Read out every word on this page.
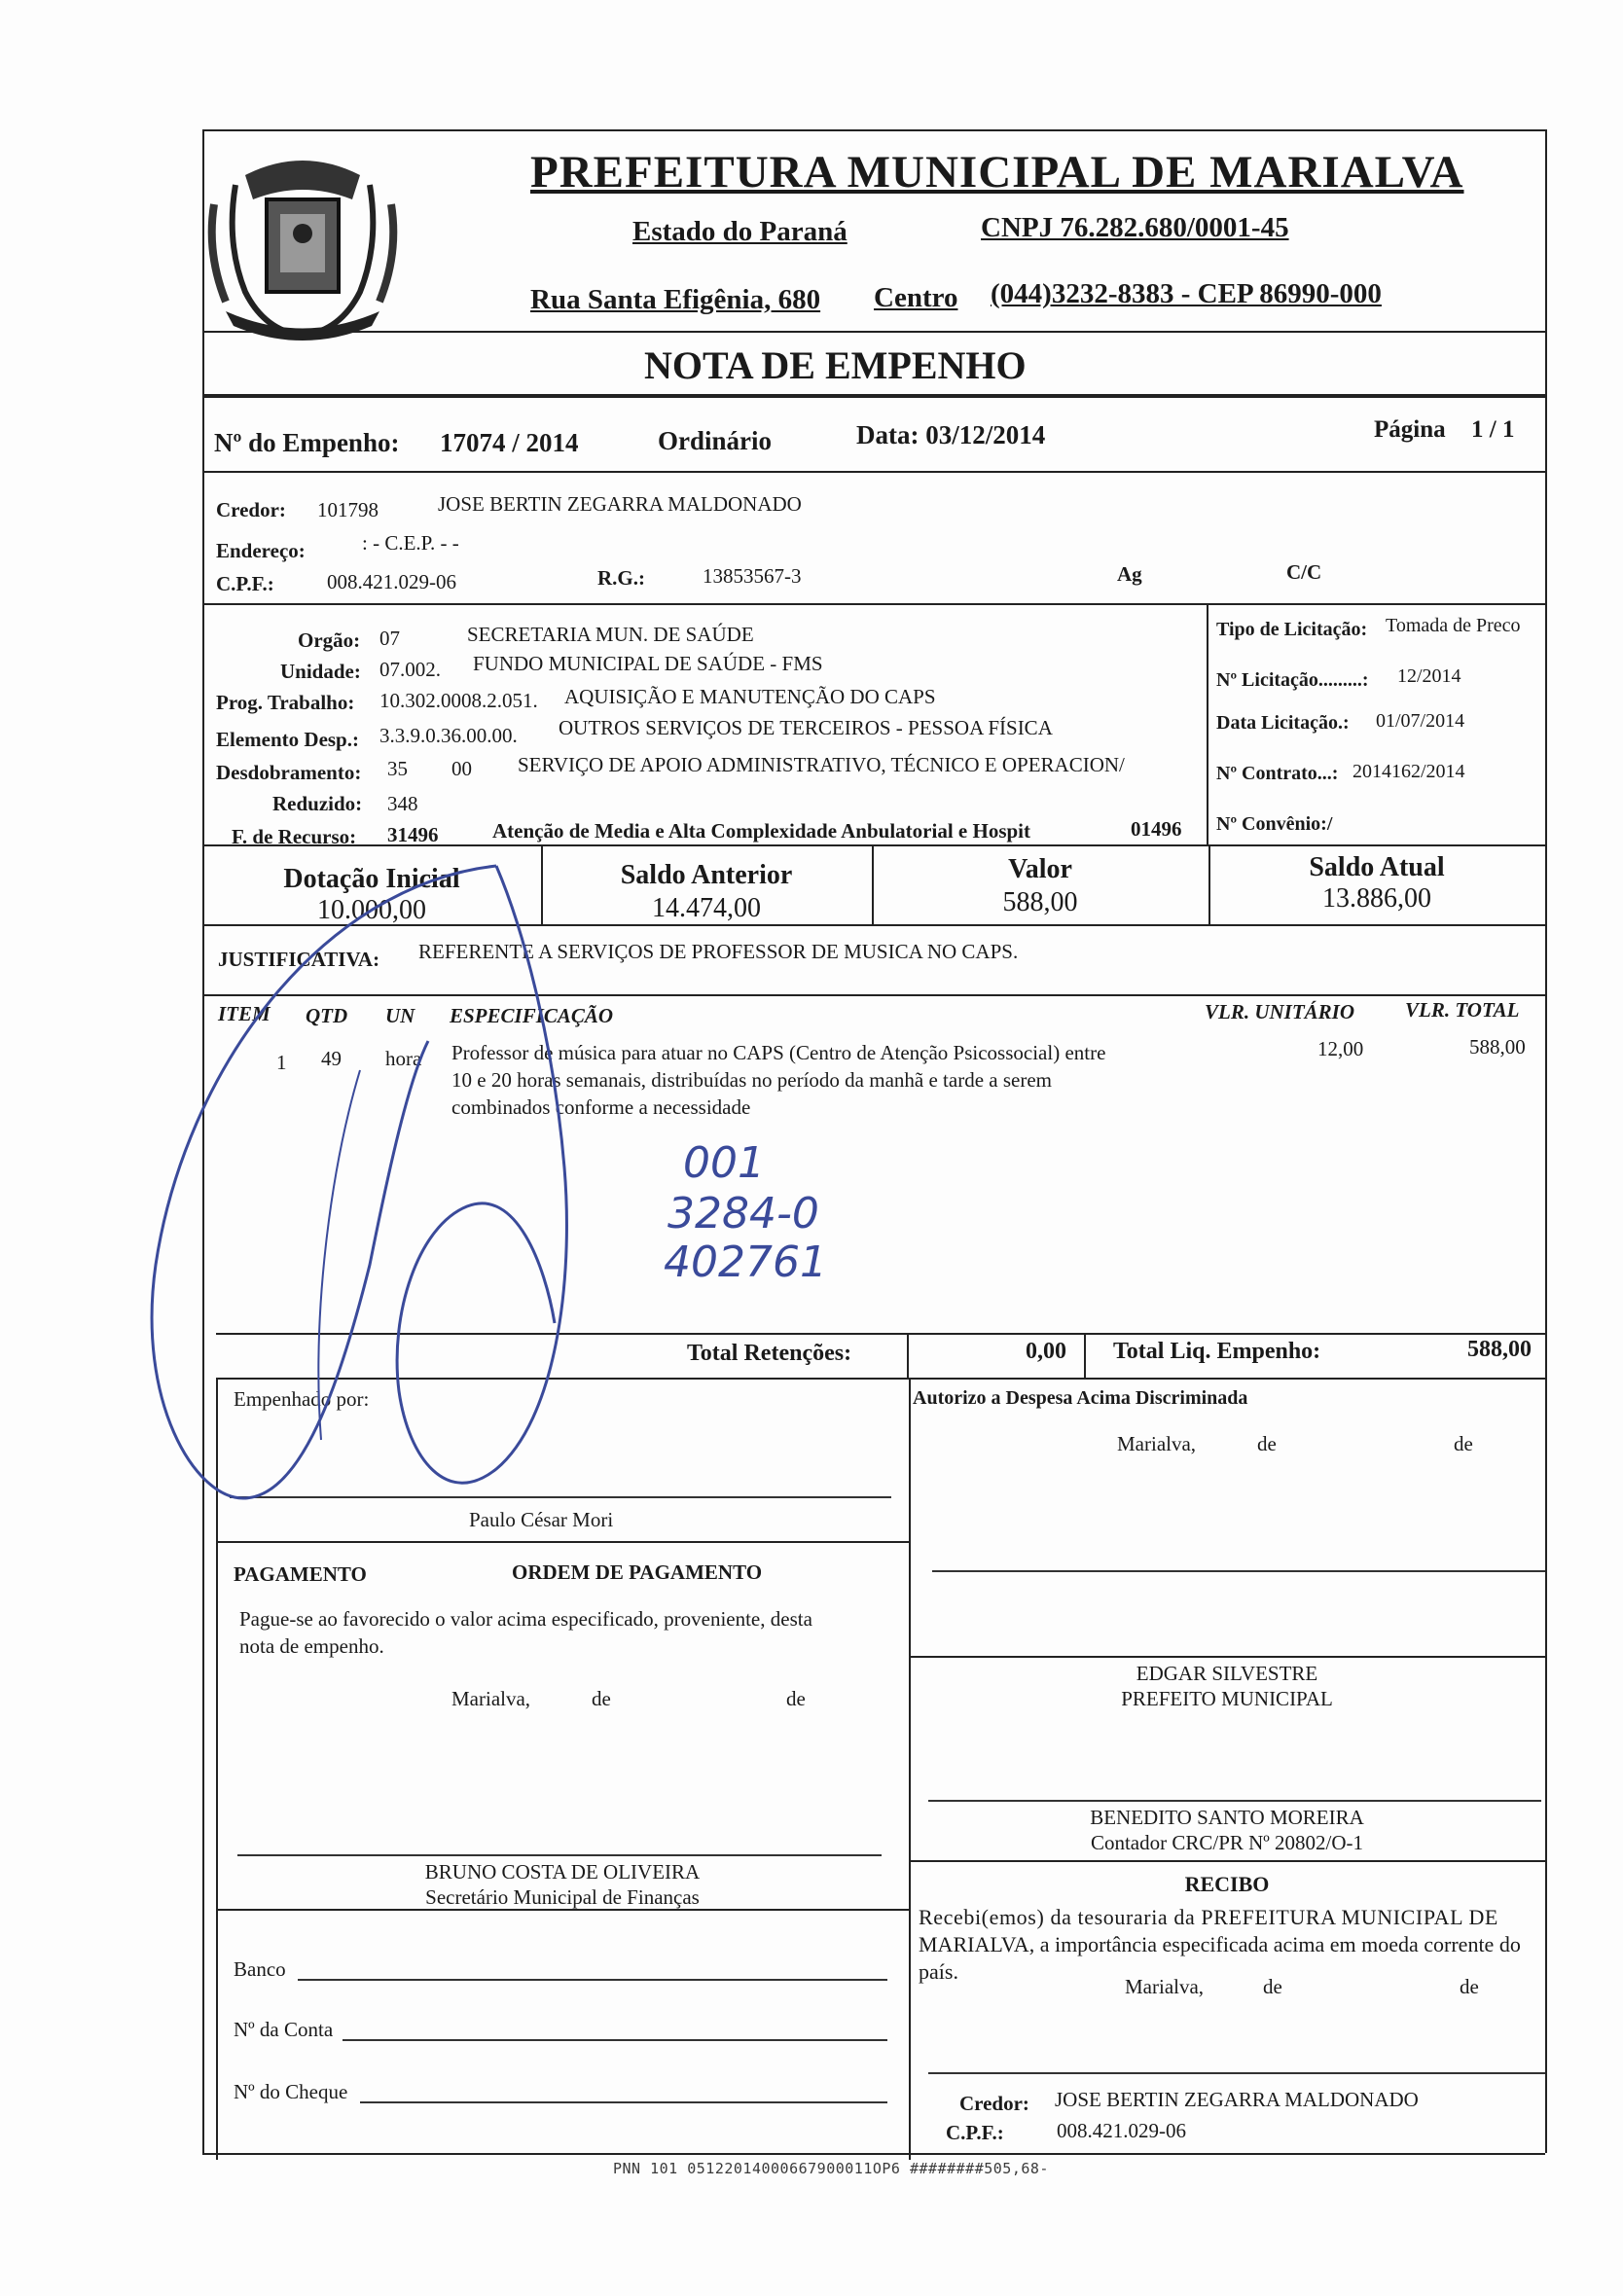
PREFEITURA MUNICIPAL DE MARIALVA
Estado do Paraná	CNPJ 76.282.680/0001-45
Rua Santa Efigênia, 680 Centro (044)3232-8383 - CEP 86990-000
NOTA DE EMPENHO
Nº do Empenho: 17074 / 2014	Ordinário	Data: 03/12/2014	Página 1 / 1
Credor: 101798	JOSE BERTIN ZEGARRA MALDONADO
Endereço:	: - C.E.P. - -
C.P.F.:	008.421.029-06	R.G.:	13853567-3	Ag	C/C
Orgão: 07	SECRETARIA MUN. DE SAÚDE
Unidade: 07.002. FUNDO MUNICIPAL DE SAÚDE - FMS
Prog. Trabalho: 10.302.0008.2.051. AQUISIÇÃO E MANUTENÇÃO DO CAPS
Elemento Desp.: 3.3.9.0.36.00.00. OUTROS SERVIÇOS DE TERCEIROS - PESSOA FÍSICA
Desdobramento: 35 00 SERVIÇO DE APOIO ADMINISTRATIVO, TÉCNICO E OPERACION/
Reduzido: 348
F. de Recurso: 31496	Atenção de Media e Alta Complexidade Anbulatorial e Hospit	01496
Tipo de Licitação: Tomada de Preco
Nº Licitação.........: 12/2014
Data Licitação.: 01/07/2014
Nº Contrato...: 2014162/2014
Nº Convênio:/
Dotação Inicial
10.000,00
Saldo Anterior
14.474,00
Valor
588,00
Saldo Atual
13.886,00
JUSTIFICATIVA: REFERENTE A SERVIÇOS DE PROFESSOR DE MUSICA NO CAPS.
ITEM QTD UN ESPECIFICAÇÃO	VLR. UNITÁRIO VLR. TOTAL
1 49 hora Professor de música para atuar no CAPS (Centro de Atenção Psicossocial) entre
10 e 20 horas semanais, distribuídas no período da manhã e tarde a serem
combinados conforme a necessidade
12,00	588,00
001
3284-0
402761
Total Retenções:	0,00 Total Liq. Empenho:	588,00
Empenhado por:
Paulo César Mori
Autorizo a Despesa Acima Discriminada
Marialva,	de	de
EDGAR SILVESTRE
PREFEITO MUNICIPAL
BENEDITO SANTO MOREIRA
Contador CRC/PR Nº 20802/O-1
PAGAMENTO	ORDEM DE PAGAMENTO
Pague-se ao favorecido o valor acima especificado, proveniente, desta
nota de empenho.
Marialva,	de	de
BRUNO COSTA DE OLIVEIRA
Secretário Municipal de Finanças
RECIBO
Recebi(emos) da tesouraria da PREFEITURA MUNICIPAL DE
MARIALVA, a importância especificada acima em moeda corrente do
país.
Marialva,	de	de
Credor: JOSE BERTIN ZEGARRA MALDONADO
C.P.F.:	008.421.029-06
Banco
Nº da Conta
Nº do Cheque
PNN 101 05122014000667900011OP6 ########505,68-
